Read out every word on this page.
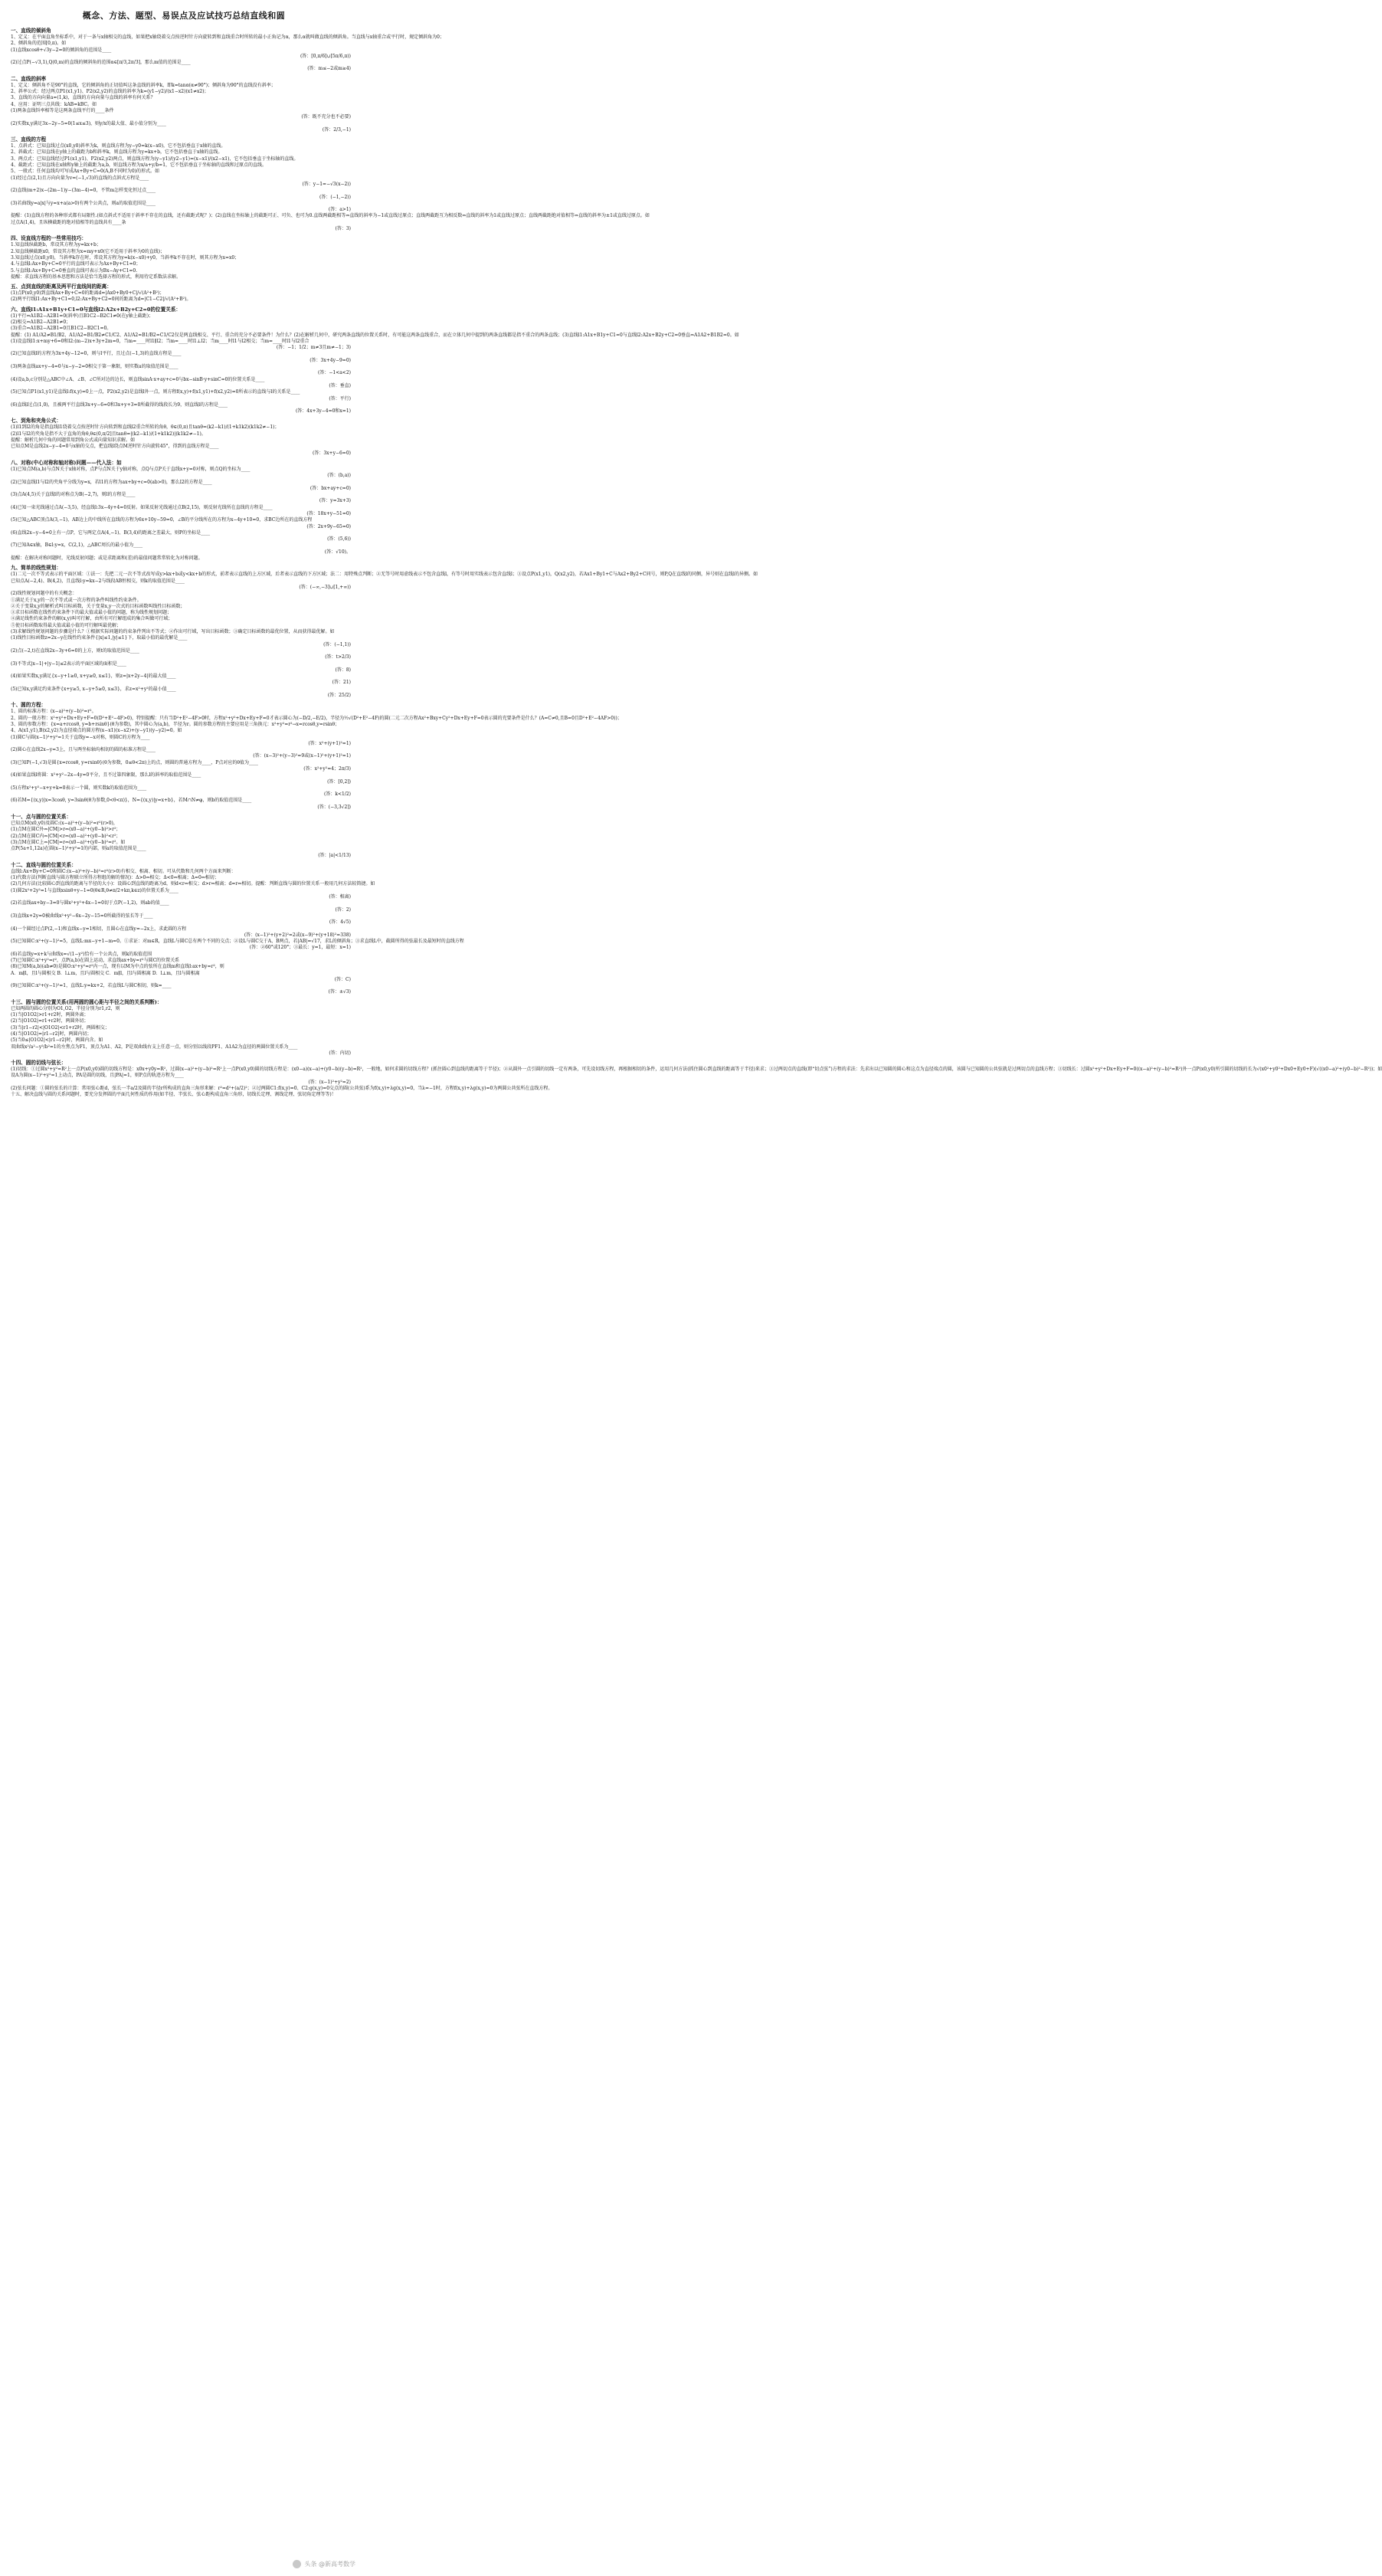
概念、方法、题型、易误点及应试技巧总结直线和圆
一、直线的倾斜角
1、定义：在平面直角坐标系中，对于一条与x轴相交的直线，如果把x轴绕着交点按逆时针方向旋转到和直线重合时所转的最小正角记为α，那么α就叫做直线的倾斜角。当直线与x轴重合或平行时，规定倾斜角为0；
2、倾斜角的范围[0,π)。如
(1)直线xcosθ+√3y−2=0的倾斜角的范围是____
(答：[0,π/6]∪[5π/6,π))
(2)过点P(−√3,1),Q(0,m)的直线的倾斜角的范围α∈[π/3,2π/3]，那么m值的范围是____
(答：m≤−2或m≥4)
二、直线的斜率
1、定义：倾斜角不是90°的直线，它的倾斜角的正切值叫这条直线的斜率k，即k=tanα(α≠90°)；倾斜角为90°的直线没有斜率；
2、斜率公式：经过两点P1(x1,y1)、P2(x2,y2)的直线的斜率为k=(y1−y2)/(x1−x2)(x1≠x2)；
3、直线的方向向量a=(1,k)，直线的方向向量与直线的斜率有何关系？
4、应用：证明三点共线：kAB=kBC。如
(1)两条直线钭率相等是这两条直线平行的____条件
(答：既不充分也不必要)
(2)实数x,y满足3x−2y−5=0(1≤x≤3)，则y/x的最大值、最小值分别为____
(答：2/3,−1)
三、直线的方程
1、点斜式：已知直线过点(x0,y0)斜率为k，则直线方程为y−y0=k(x−x0)，它不包括垂直于x轴的直线。
2、斜截式：已知直线在y轴上的截距为b和斜率k，则直线方程为y=kx+b，它不包括垂直于x轴的直线。
3、两点式：已知直线经过P1(x1,y1)、P2(x2,y2)两点，则直线方程为(y−y1)/(y2−y1)=(x−x1)/(x2−x1)，它不包括垂直于坐标轴的直线。
4、截距式：已知直线在x轴和y轴上的截距为a,b，则直线方程为x/a+y/b=1，它不包括垂直于坐标轴的直线和过原点的直线。
5、一般式：任何直线均可写成Ax+By+C=0(A,B不同时为0)的形式。如
(1)经过点(2,1)且方向向量为v=(−1,√3)的直线的点斜式方程是____
(答：y−1=−√3(x−2))
(2)直线(m+2)x−(2m−1)y−(3m−4)=0，不管m怎样变化恒过点____
(答：(−1,−2))
(3)若曲线y=a|x|与y=x+a(a>0)有两个公共点，则a的取值范围是____
(答：a>1)
提醒：(1)直线方程的各种形式都有局限性.(如点斜式不适用于斜率不存在的直线，还有截距式呢？)；(2)直线在坐标轴上的截距可正、可负、也可为0.直线两截距相等⇔直线的斜率为−1或直线过原点；直线两截距互为相反数⇔直线的斜率为1或直线过原点；直线两截距绝对值相等⇔直线的斜率为±1或直线过原点。如
过点A(1,4)，且纵横截距的绝对值相等的直线共有____条
(答：3)
四、设直线方程的一些常用技巧：
1.知直线纵截距b，常设其方程为y=kx+b；
2.知直线横截距x0，常设其方程为x=my+x0(它不适用于斜率为0的直线)；
3.知直线过点(x0,y0)，当斜率k存在时，常设其方程为y=k(x−x0)+y0，当斜率k不存在时，则其方程为x=x0；
4.与直线l:Ax+By+C=0平行的直线可表示为Ax+By+C1=0；
5.与直线l:Ax+By+C=0垂直的直线可表示为Bx−Ay+C1=0.
提醒：求直线方程的基本思想和方法是恰当选择方程的形式，利用待定系数法求解。
五、点到直线的距离及两平行直线间的距离：
(1)点P(x0,y0)到直线Ax+By+C=0的距离d=|Ax0+By0+C|/√(A²+B²)；
(2)两平行线l1:Ax+By+C1=0,l2:Ax+By+C2=0间的距离为d=|C1−C2|/√(A²+B²)。
六、直线l1:A1x+B1y+C1=0与直线l2:A2x+B2y+C2=0的位置关系：
(1)平行⇔A1B2−A2B1=0(斜率)且B1C2−B2C1≠0(在y轴上截距)；
(2)相交⇔A1B2−A2B1≠0；
(3)重合⇔A1B2−A2B1=0且B1C2−B2C1=0。
提醒：(1) A1/A2≠B1/B2、A1/A2=B1/B2≠C1/C2、A1/A2=B1/B2=C1/C2仅是两直线相交、平行、重合的充分不必要条件！为什么？(2)在解析几何中，研究两条直线的位置关系时，有可能这两条直线重合，而在立体几何中提到的两条直线都是指不重合的两条直线；(3)直线l1:A1x+B1y+C1=0与直线l2:A2x+B2y+C2=0垂直⇔A1A2+B1B2=0。如
(1)设直线l1:x+my+6=0和l2:(m−2)x+3y+2m=0，当m=____时l1∥l2；当m=____时l1⊥l2；当m____时l1与l2相交；当m=____时l1与l2重合
(答：−1；1/2；m≠3且m≠−1；3)
(2)已知直线l的方程为3x+4y−12=0，则与l平行，且过点(−1,3)的直线方程是____
(答：3x+4y−9=0)
(3)两条直线ax+y−4=0与x−y−2=0相交于第一象限，则实数a的取值范围是____
(答：−1<a<2)
(4)设a,b,c分别是△ABC中∠A、∠B、∠C所对边的边长，则直线sinA·x+ay+c=0与bx−sinB·y+sinC=0的位置关系是____
(答：垂直)
(5)已知点P1(x1,y1)是直线l:f(x,y)=0上一点，P2(x2,y2)是直线l外一点，则方程f(x,y)+f(x1,y1)+f(x2,y2)=0所表示的直线与l的关系是____
(答：平行)
(6)直线l过点(1,0)，且被两平行直线3x+y−6=0和3x+y+3=0所截得的线段长为9，则直线l的方程是____
(答：4x+3y−4=0和x=1)
七、到角和夹角公式：
(1)l1到l2的角是指直线l1绕着交点按逆时针方向转到和直线l2重合所转的角θ，θ∈(0,π)且tanθ=(k2−k1)/(1+k1k2)(k1k2≠−1)；
(2)l1与l2的夹角是指不大于直角的角θ,θ∈(0,π/2]且tanθ=|(k2−k1)/(1+k1k2)|(k1k2≠−1)。
提醒：解析几何中角的问题常用到角公式或向量知识求解。如
已知点M是直线2x−y−4=0与x轴的交点，把直线l绕点M逆时针方向旋转45°，得到的直线方程是____
(答：3x+y−6=0)
八、对称(中心对称和轴对称)问题——代入法：如
(1)已知点M(a,b)与点N关于x轴对称，点P与点N关于y轴对称，点Q与点P关于直线x+y=0对称，则点Q的坐标为____
(答：(b,a))
(2)已知直线l1与l2的夹角平分线为y=x，若l1的方程为ax+by+c=0(ab>0)，那么l2的方程是____
(答：bx+ay+c=0)
(3)点A(4,5)关于直线l的对称点为B(−2,7)，则l的方程是____
(答：y=3x+3)
(4)已知一束光线通过点A(−3,5)，经直线l:3x−4y+4=0反射。如果反射光线通过点B(2,15)，则反射光线所在直线的方程是____
(答：18x+y−51=0)
(5)已知△ABC顶点A(3,−1)，AB边上的中线所在直线的方程为6x+10y−59=0，∠B的平分线所在的方程为x−4y+10=0，求BC边所在的直线方程
(答：2x+9y−65=0)
(6)直线2x−y−4=0上有一点P，它与两定点A(4,−1)、B(3,4)的距离之差最大，则P的坐标是____
(答：(5,6))
(7)已知A∈x轴，B∈l:y=x，C(2,1)，△ABC周长的最小值为____
(答：√10)。
提醒：在解决对称问题时，光线反射问题；或是求距离和(差)的最值问题常常转化为对称问题。
九、简单的线性规划：
(1)二元一次不等式表示的平面区域：①法一：先把二元一次不等式改写成y>kx+b或y<kx+b的形式，前者表示直线的上方区域，后者表示直线的下方区域；法二：用特殊点判断；②无等号时用虚线表示不包含直线l，有等号时用实线表示包含直线l；③设点P(x1,y1)，Q(x2,y2)，若Ax1+By1+C与Ax2+By2+C同号，则P,Q在直线l的同侧，异号则在直线l的异侧。如
已知点A(−2,4)、B(4,2)，且直线l:y=kx−2与线段AB恒相交，则k的取值范围是____
(答：(−∞,−3]∪[1,+∞))
(2)线性规划问题中的有关概念：
①满足关于x,y的一次不等式或一次方程的条件叫线性约束条件。
②关于变量x,y的解析式叫目标函数，关于变量x,y一次式的目标函数叫线性目标函数；
③求目标函数在线性约束条件下的最大值或最小值的问题，称为线性规划问题；
④满足线性约束条件的解(x,y)叫可行解，由所有可行解组成的集合叫做可行域；
⑤使目标函数取得最大值或最小值的可行解叫最优解；
(3)求解线性规划问题的步骤是什么？①根据实际问题的约束条件列出不等式；②作出可行域，写出目标函数；③确定目标函数的最优位置，从而获得最优解。如
(1)线性目标函数z=2x−y在线性约束条件{|x|≤1,|y|≤1}下，取最小值的最优解是____
(答：(−1,1))
(2)点(−2,t)在直线2x−3y+6=0的上方，则t的取值范围是____
(答：t>2/3)
(3)不等式|x−1|+|y−1|≤2表示的平面区域的面积是____
(答：8)
(4)如果实数x,y满足{x−y+1≥0, x+y≥0, x≤1}，则z=|x+2y−4|的最大值____
(答：21)
(5)已知x,y满足约束条件{x+y≥5, x−y+5≥0, x≤3}，求z=x²+y²的最小值____
(答：25/2)
十、圆的方程：
1、圆的标准方程：(x−a)²+(y−b)²=r²。
2、圆的一般方程：x²+y²+Dx+Ey+F=0(D²+E²−4F>0)，特别提醒：只有当D²+E²−4F>0时，方程x²+y²+Dx+Ey+F=0才表示圆心为(−D/2,−E/2)，半径为½√(D²+E²−4F)的圆(二元二次方程Ax²+Bxy+Cy²+Dx+Ey+F=0表示圆的充要条件是什么？(A=C≠0,且B=0且D²+E²−4AF>0))；
3、圆的参数方程：{x=a+rcosθ, y=b+rsinθ}(θ为参数)，其中圆心为(a,b)，半径为r。圆的参数方程的主要应用是三角换元：x²+y²=r²→x=rcosθ,y=rsinθ；
4、A(x1,y1),B(x2,y2)为直径端点的圆方程(x−x1)(x−x2)+(y−y1)(y−y2)=0。如
(1)圆C与圆(x−1)²+y²=1关于直线y=−x对称，则圆C的方程为____
(答：x²+(y+1)²=1)
(2)圆心在直线2x−y=3上，且与两坐标轴均相切的圆的标准方程是____
(答：(x−3)²+(y−3)²=9或(x−1)²+(y+1)²=1)
(3)已知P(−1,√3)是圆{x=rcosθ, y=rsinθ}(θ为参数，0≤θ<2π)上的点，则圆的普通方程为____，P点对应的θ值为____
(答：x²+y²=4；2π/3)
(4)如果直线l将圆：x²+y²−2x−4y=0平分，且不过第四象限，那么l的斜率的取值范围是____
(答：[0,2])
(5)方程x²+y²−x+y+k=0表示一个圆，则实数k的取值范围为____
(答：k<1/2)
(6)若M={(x,y)|x=3cosθ, y=3sinθ(θ为参数,0<θ<π)}，N={(x,y)|y=x+b}，若M∩N≠φ，则b的取值范围是____
(答：(−3,3√2])
十一、点与圆的位置关系：
已知点M(x0,y0)及圆C:(x−a)²+(y−b)²=r²(r>0)，
(1)点M在圆C外⇔|CM|>r⇔(x0−a)²+(y0−b)²>r²；
(2)点M在圆C内⇔|CM|<r⇔(x0−a)²+(y0−b)²<r²；
(3)点M在圆C上⇔|CM|=r⇔(x0−a)²+(y0−b)²=r²。如
点P(5a+1,12a)在圆(x−1)²+y²=1的内部，则a的取值范围是____
(答：|a|<1/13)
十二、直线与圆的位置关系：
直线l:Ax+By+C=0和圆C:(x−a)²+(y−b)²=r²(r>0)有相交、相离、相切。可从代数和几何两个方面来判断：
(1)代数方法(判断直线与圆方程联立所得方程组的解的情况)：Δ>0⇔相交；Δ<0⇔相离；Δ=0⇔相切；
(2)几何方法(比较圆心到直线的距离与半径的大小)：设圆心到直线的距离为d，则d<r⇔相交；d>r⇔相离；d=r⇔相切。提醒：判断直线与圆的位置关系一般用几何方法较简捷。如
(1)圆2x²+2y²=1与直线xsinθ+y−1=0(θ∈R,θ≠π/2+kπ,k∈z)的位置关系为____
(答：相离)
(2)若直线ax+by−3=0与圆x²+y²+4x−1=0切于点P(−1,2)，则ab的值____
(答：2)
(3)直线x+2y=0被曲线x²+y²−6x−2y−15=0所截得的弦长等于____
(答：4√5)
(4)一个圆经过点P(2,−1)和直线x−y=1相切，且圆心在直线y=−2x上，求此圆的方程
(答：(x−1)²+(y+2)²=2或(x−9)²+(y+18)²=338)
(5)已知圆C:x²+(y−1)²=5，直线L:mx−y+1−m=0。①求证：对m∈R，直线L与圆C总有两个不同的交点；②设L与圆C交于A、B两点，若|AB|=√17，求L的倾斜角；③求直线L中，截圆所得的弦最长及最短时的直线方程
(答：②60°或120°；③最长：y=1，最短：x=1)
(6)若直线y=x+k与曲线x=√(1−y²)恰有一个公共点，则k的取值范围
(7)已知圆C:x²+y²=r²，点P(a,b)在圆上运动，求直线ax+by=r²与圆C的位置关系
(8)已知M(a,b)(ab≠0)是圆O:x²+y²=r²内一点，现有以M为中点的弦所在直线m和直线l:ax+by=r²，则
A．m∥l，且l与圆相交 B．l⊥m，且l与圆相交 C．m∥l，且l与圆相离 D．l⊥m，且l与圆相离
(答：C)
(9)已知圆C:x²+(y−1)²=1，直线L:y=kx+2，若直线L与圆C相切，则k=____
(答：±√3)
十三、圆与圆的位置关系(用两圆的圆心距与半径之间的关系判断)：
已知两圆的圆心分别为O1,O2，半径分别为r1,r2，则
(1)当|O1O2|>r1+r2时，两圆外离；
(2)当|O1O2|=r1+r2时，两圆外切；
(3)当|r1−r2|<|O1O2|<r1+r2时，两圆相交；
(4)当|O1O2|=|r1−r2|时，两圆内切；
(5)当0≤|O1O2|<|r1−r2|时，两圆内含。如
双曲线x²/a²−y²/b²=1的左焦点为F1，顶点为A1、A2，P是双曲线右支上任意一点，则分别以线段PF1、A1A2为直径的两圆位置关系为____
(答：内切)
十四、圆的切线与弦长：
(1)切线：①过圆x²+y²=R²上一点P(x0,y0)圆的切线方程是：x0x+y0y=R²，过圆(x−a)²+(y−b)²=R²上一点P(x0,y0)圆的切线方程是：(x0−a)(x−a)+(y0−b)(y−b)=R²，一般地，如何求圆的切线方程？(抓住圆心到直线的距离等于半径)；②从圆外一点引圆的切线一定有两条，可先设切线方程，再根据相切的条件，运用几何方法(抓住圆心到直线的距离等于半径)来求；③过两切点的直线(即“切点弦”)方程的求法：先求出以已知圆的圆心和这点为直径端点的圆，该圆与已知圆的公共弦就是过两切点的直线方程；③切线长：过圆x²+y²+Dx+Ey+F=0((x−a)²+(y−b)²=R²)外一点P(x0,y0)所引圆的切线的长为√(x0²+y0²+Dx0+Ey0+F)(√((x0−a)²+(y0−b)²−R²))；如
设A为圆(x−1)²+y²=1上动点，PA是圆的切线，且|PA|=1，则P点的轨迹方程为____
(答：(x−1)²+y²=2)
(2)弦长问题：①圆的弦长的计算：常用弦心距d，弦长一半a/2及圆的半径r所构成的直角三角形来解：r²=d²+(a/2)²；②过两圆C1:f(x,y)=0、C2:g(x,y)=0交点的圆(公共弦)系为f(x,y)+λg(x,y)=0，当λ=−1时，方程f(x,y)+λg(x,y)=0为两圆公共弦所在直线方程。
十五、解决直线与圆的关系问题时，要充分发挥圆的平面几何性质的作用(如半径、半弦长、弦心距构成直角三角形，切线长定理、割线定理、弦切角定理等等)！
头条 @新高考数学
